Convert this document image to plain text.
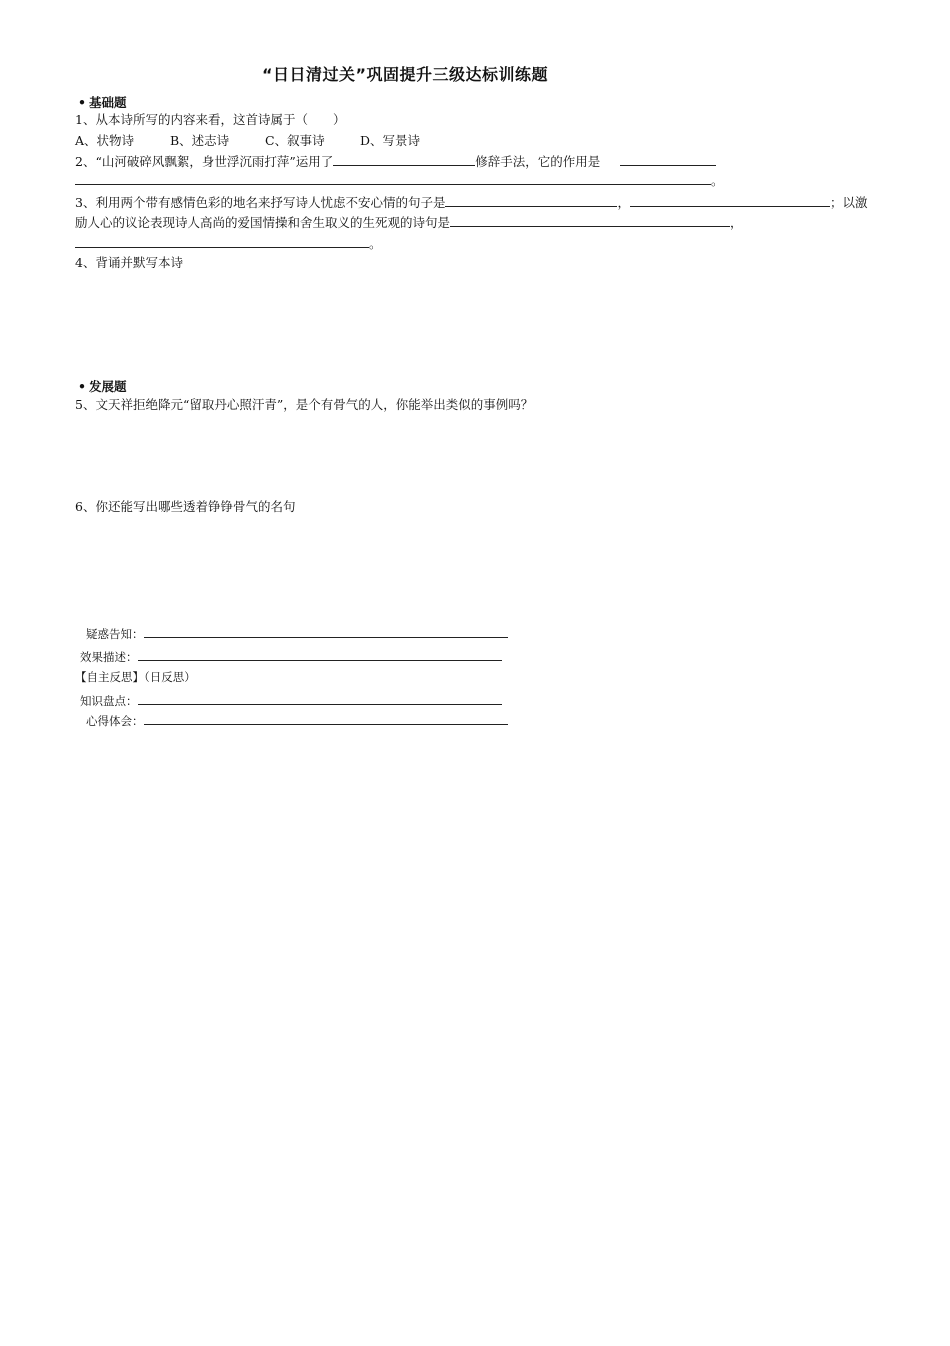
“日日清过关”巩固提升三级达标训练题
• 基础题
1、从本诗所写的内容来看，这首诗属于（　　）
A、状物诗	B、述志诗	C、叙事诗	D、写景诗
2、“山河破碎风飘絮，身世浮沉雨打萍”运用了	修辞手法，它的作用是
。
3、利用两个带有感情色彩的地名来抒写诗人忧虑不安心情的句子是	，	；以激
励人心的议论表现诗人高尚的爱国情操和舍生取义的生死观的诗句是	，
。
4、背诵并默写本诗
• 发展题
5、文天祥拒绝降元“留取丹心照汗青”，是个有骨气的人，你能举出类似的事例吗？
6、你还能写出哪些透着铮铮骨气的名句
疑惑告知：
效果描述：
【自主反思】（日反思）
知识盘点：
心得体会：
